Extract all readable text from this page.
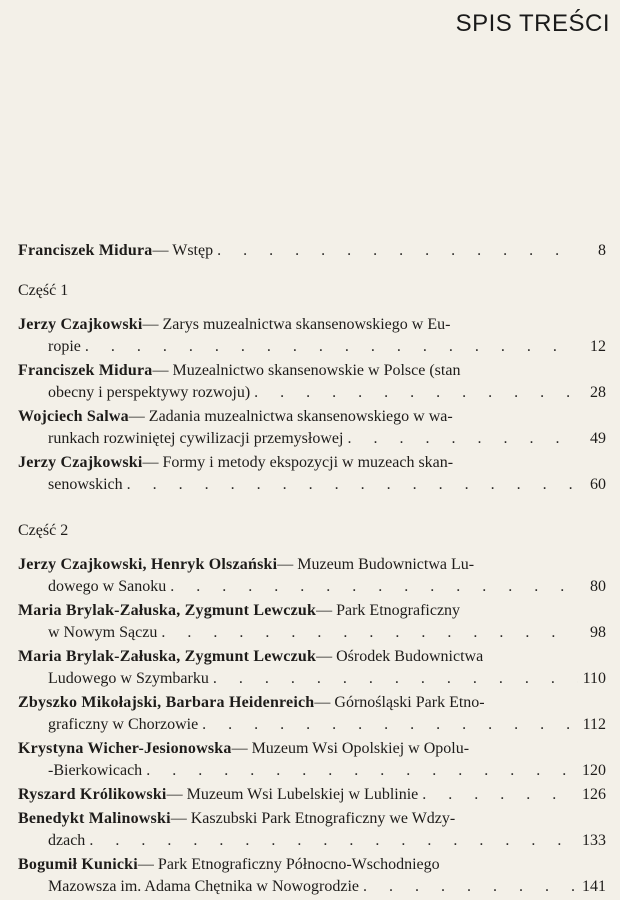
SPIS TREŚCI
Franciszek Midura — Wstęp . . .	8
Część 1
Jerzy Czajkowski — Zarys muzealnictwa skansenowskiego w Eu-
ropie . . .	12
Franciszek Midura — Muzealnictwo skansenowskie w Polsce (stan
obecny i perspektywy rozwoju) . . .	28
Wojciech Salwa — Zadania muzealnictwa skansenowskiego w wa-
runkach rozwiniętej cywilizacji przemysłowej . . .	49
Jerzy Czajkowski — Formy i metody ekspozycji w muzeach skan-
senowskich . . .	60
Część 2
Jerzy Czajkowski, Henryk Olszański — Muzeum Budownictwa Lu-
dowego w Sanoku . . .	80
Maria Brylak-Załuska, Zygmunt Lewczuk — Park Etnograficzny
w Nowym Sączu . . .	98
Maria Brylak-Załuska, Zygmunt Lewczuk — Ośrodek Budownictwa
Ludowego w Szymbarku . . .	110
Zbyszko Mikołajski, Barbara Heidenreich — Górnośląski Park Etno-
graficzny w Chorzowie . . .	112
Krystyna Wicher-Jesionowska — Muzeum Wsi Opolskiej w Opolu-
-Bierkowicach . . .	120
Ryszard Królikowski — Muzeum Wsi Lubelskiej w Lublinie . . .	126
Benedykt Malinowski — Kaszubski Park Etnograficzny we Wdzy-
dzach . . .	133
Bogumił Kunicki — Park Etnograficzny Północno-Wschodniego
Mazowsza im. Adama Chętnika w Nowogrodzie . . .	141
